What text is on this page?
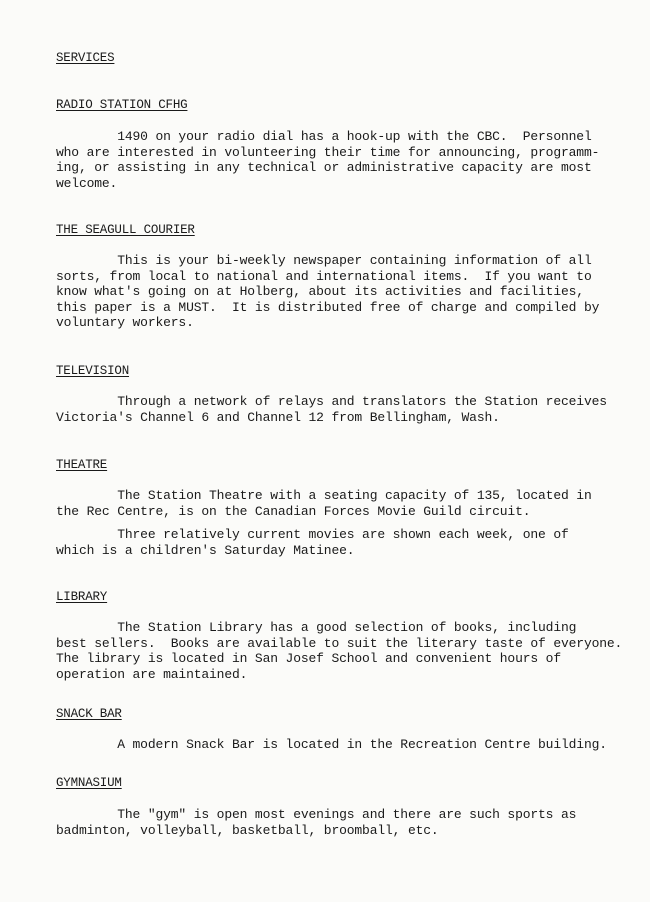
SERVICES
RADIO STATION CFHG
1490 on your radio dial has a hook-up with the CBC.  Personnel
who are interested in volunteering their time for announcing, programm-
ing, or assisting in any technical or administrative capacity are most
welcome.
THE SEAGULL COURIER
This is your bi-weekly newspaper containing information of all
sorts, from local to national and international items.  If you want to
know what's going on at Holberg, about its activities and facilities,
this paper is a MUST.  It is distributed free of charge and compiled by
voluntary workers.
TELEVISION
Through a network of relays and translators the Station receives
Victoria's Channel 6 and Channel 12 from Bellingham, Wash.
THEATRE
The Station Theatre with a seating capacity of 135, located in
the Rec Centre, is on the Canadian Forces Movie Guild circuit.
Three relatively current movies are shown each week, one of
which is a children's Saturday Matinee.
LIBRARY
The Station Library has a good selection of books, including
best sellers.  Books are available to suit the literary taste of everyone.
The library is located in San Josef School and convenient hours of
operation are maintained.
SNACK BAR
A modern Snack Bar is located in the Recreation Centre building.
GYMNASIUM
The "gym" is open most evenings and there are such sports as
badminton, volleyball, basketball, broomball, etc.
